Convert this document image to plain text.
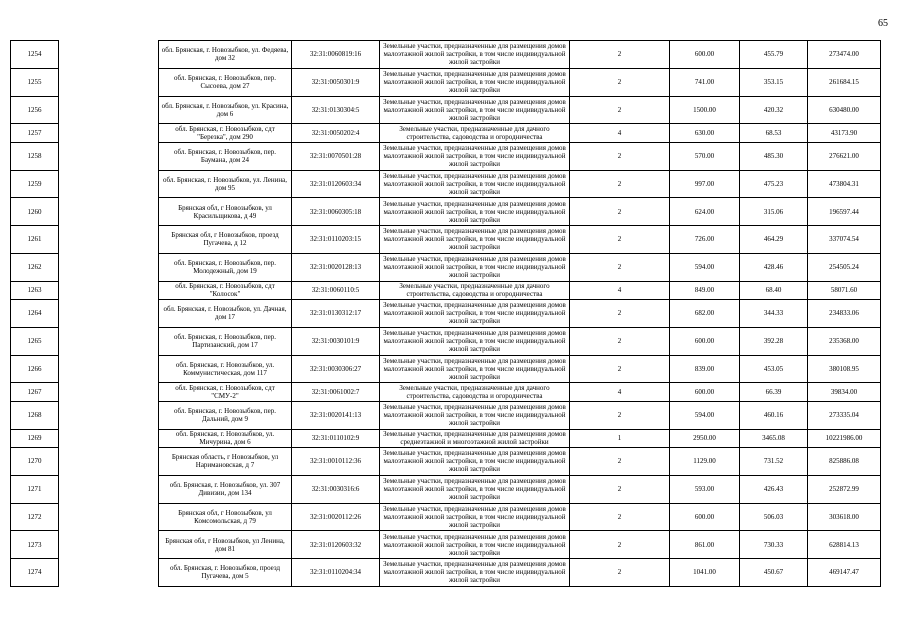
65
1254		обл. Брянская, г. Новозыбков, ул. Федяева, дом 32	32:31:0060819:16	Земельные участки, предназначенные для размещения домов малоэтажной жилой застройки, в том числе индивидуальной жилой застройки	2	600.00	455.79	273474.00
1255		обл. Брянская, г. Новозыбков, пер. Сысоева, дом 27	32:31:0050301:9	Земельные участки, предназначенные для размещения домов малоэтажной жилой застройки, в том числе индивидуальной жилой застройки	2	741.00	353.15	261684.15
1256		обл. Брянская, г. Новозыбков, ул. Красина, дом 6	32:31:0130304:5	Земельные участки, предназначенные для размещения домов малоэтажной жилой застройки, в том числе индивидуальной жилой застройки	2	1500.00	420.32	630480.00
1257		обл. Брянская, г. Новозыбков, сдт "Березка", дом 290	32:31:0050202:4	Земельные участки, предназначенные для дачного строительства, садоводства и огородничества	4	630.00	68.53	43173.90
1258		обл. Брянская, г. Новозыбков, пер. Баумана, дом 24	32:31:0070501:28	Земельные участки, предназначенные для размещения домов малоэтажной жилой застройки, в том числе индивидуальной жилой застройки	2	570.00	485.30	276621.00
1259		обл. Брянская, г. Новозыбков, ул. Ленина, дом 95	32:31:0120603:34	Земельные участки, предназначенные для размещения домов малоэтажной жилой застройки, в том числе индивидуальной жилой застройки	2	997.00	475.23	473804.31
1260		Брянская обл, г Новозыбков, ул Красильщикова, д 49	32:31:0060305:18	Земельные участки, предназначенные для размещения домов малоэтажной жилой застройки, в том числе индивидуальной жилой застройки	2	624.00	315.06	196597.44
1261		Брянская обл, г Новозыбков, проезд Пугачева, д 12	32:31:0110203:15	Земельные участки, предназначенные для размещения домов малоэтажной жилой застройки, в том числе индивидуальной жилой застройки	2	726.00	464.29	337074.54
1262		обл. Брянская, г. Новозыбков, пер. Молодежный, дом 19	32:31:0020128:13	Земельные участки, предназначенные для размещения домов малоэтажной жилой застройки, в том числе индивидуальной жилой застройки	2	594.00	428.46	254505.24
1263		обл. Брянская, г. Новозыбков, сдт "Колосок"	32:31:0060110:5	Земельные участки, предназначенные для дачного строительства, садоводства и огородничества	4	849.00	68.40	58071.60
1264		обл. Брянская, г. Новозыбков, ул. Дачная, дом 17	32:31:0130312:17	Земельные участки, предназначенные для размещения домов малоэтажной жилой застройки, в том числе индивидуальной жилой застройки	2	682.00	344.33	234833.06
1265		обл. Брянская, г. Новозыбков, пер. Партизанский, дом 17	32:31:0030101:9	Земельные участки, предназначенные для размещения домов малоэтажной жилой застройки, в том числе индивидуальной жилой застройки	2	600.00	392.28	235368.00
1266		обл. Брянская, г. Новозыбков, ул. Коммунистическая, дом 117	32:31:0030306:27	Земельные участки, предназначенные для размещения домов малоэтажной жилой застройки, в том числе индивидуальной жилой застройки	2	839.00	453.05	380108.95
1267		обл. Брянская, г. Новозыбков, сдт "СМУ-2"	32:31:0061002:7	Земельные участки, предназначенные для дачного строительства, садоводства и огородничества	4	600.00	66.39	39834.00
1268		обл. Брянская, г. Новозыбков, пер. Дальний, дом 9	32:31:0020141:13	Земельные участки, предназначенные для размещения домов малоэтажной жилой застройки, в том числе индивидуальной жилой застройки	2	594.00	460.16	273335.04
1269		обл. Брянская, г. Новозыбков, ул. Мичурина, дом 6	32:31:0110102:9	Земельные участки, предназначенные для размещения домов среднеэтажной и многоэтажной жилой застройки	1	2950.00	3465.08	10221986.00
1270		Брянская область, г Новозыбков, ул Наримановская, д 7	32:31:0010112:36	Земельные участки, предназначенные для размещения домов малоэтажной жилой застройки, в том числе индивидуальной жилой застройки	2	1129.00	731.52	825886.08
1271		обл. Брянская, г. Новозыбков, ул. 307 Дивизии, дом 134	32:31:0030316:6	Земельные участки, предназначенные для размещения домов малоэтажной жилой застройки, в том числе индивидуальной жилой застройки	2	593.00	426.43	252872.99
1272		Брянская обл, г Новозыбков, ул Комсомольская, д 79	32:31:0020112:26	Земельные участки, предназначенные для размещения домов малоэтажной жилой застройки, в том числе индивидуальной жилой застройки	2	600.00	506.03	303618.00
1273		Брянская обл, г Новозыбков, ул Ленина, дом 81	32:31:0120603:32	Земельные участки, предназначенные для размещения домов малоэтажной жилой застройки, в том числе индивидуальной жилой застройки	2	861.00	730.33	628814.13
1274		обл. Брянская, г. Новозыбков, проезд Пугачева, дом 5	32:31:0110204:34	Земельные участки, предназначенные для размещения домов малоэтажной жилой застройки, в том числе индивидуальной жилой застройки	2	1041.00	450.67	469147.47
